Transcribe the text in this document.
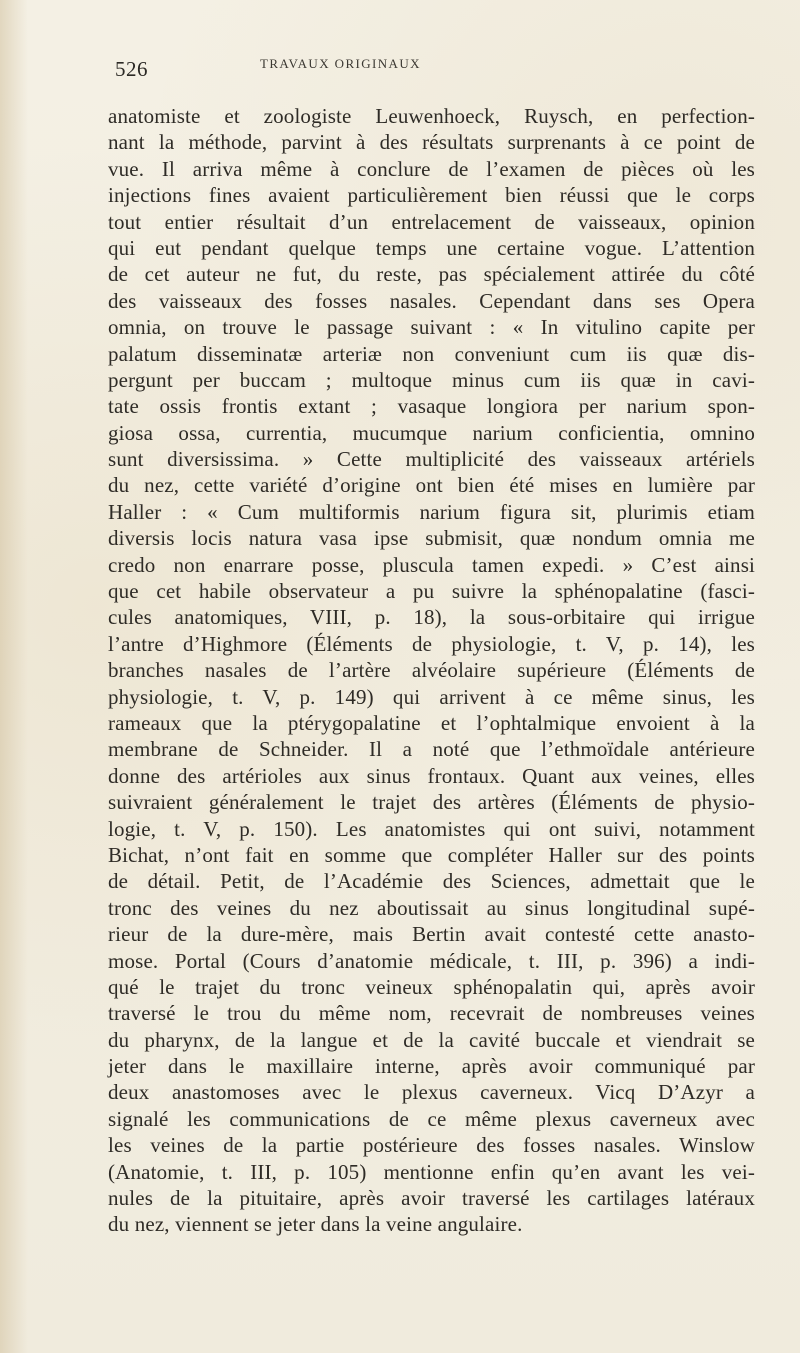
526	TRAVAUX ORIGINAUX
anatomiste et zoologiste Leuwenhoeck, Ruysch, en perfection-
nant la méthode, parvint à des résultats surprenants à ce point de
vue. Il arriva même à conclure de l’examen de pièces où les
injections fines avaient particulièrement bien réussi que le corps
tout entier résultait d’un entrelacement de vaisseaux, opinion
qui eut pendant quelque temps une certaine vogue. L’attention
de cet auteur ne fut, du reste, pas spécialement attirée du côté
des vaisseaux des fosses nasales. Cependant dans ses Opera
omnia, on trouve le passage suivant : « In vitulino capite per
palatum disseminatæ arteriæ non conveniunt cum iis quæ dis-
pergunt per buccam ; multoque minus cum iis quæ in cavi-
tate ossis frontis extant ; vasaque longiora per narium spon-
giosa ossa, currentia, mucumque narium conficientia, omnino
sunt diversissima. » Cette multiplicité des vaisseaux artériels
du nez, cette variété d’origine ont bien été mises en lumière par
Haller : « Cum multiformis narium figura sit, plurimis etiam
diversis locis natura vasa ipse submisit, quæ nondum omnia me
credo non enarrare posse, pluscula tamen expedi. » C’est ainsi
que cet habile observateur a pu suivre la sphénopalatine (fasci-
cules anatomiques, VIII, p. 18), la sous-orbitaire qui irrigue
l’antre d’Highmore (Éléments de physiologie, t. V, p. 14), les
branches nasales de l’artère alvéolaire supérieure (Éléments de
physiologie, t. V, p. 149) qui arrivent à ce même sinus, les
rameaux que la ptérygopalatine et l’ophtalmique envoient à la
membrane de Schneider. Il a noté que l’ethmoïdale antérieure
donne des artérioles aux sinus frontaux. Quant aux veines, elles
suivraient généralement le trajet des artères (Éléments de physio-
logie, t. V, p. 150). Les anatomistes qui ont suivi, notamment
Bichat, n’ont fait en somme que compléter Haller sur des points
de détail. Petit, de l’Académie des Sciences, admettait que le
tronc des veines du nez aboutissait au sinus longitudinal supé-
rieur de la dure-mère, mais Bertin avait contesté cette anasto-
mose. Portal (Cours d’anatomie médicale, t. III, p. 396) a indi-
qué le trajet du tronc veineux sphénopalatin qui, après avoir
traversé le trou du même nom, recevrait de nombreuses veines
du pharynx, de la langue et de la cavité buccale et viendrait se
jeter dans le maxillaire interne, après avoir communiqué par
deux anastomoses avec le plexus caverneux. Vicq D’Azyr a
signalé les communications de ce même plexus caverneux avec
les veines de la partie postérieure des fosses nasales. Winslow
(Anatomie, t. III, p. 105) mentionne enfin qu’en avant les vei-
nules de la pituitaire, après avoir traversé les cartilages latéraux
du nez, viennent se jeter dans la veine angulaire.
